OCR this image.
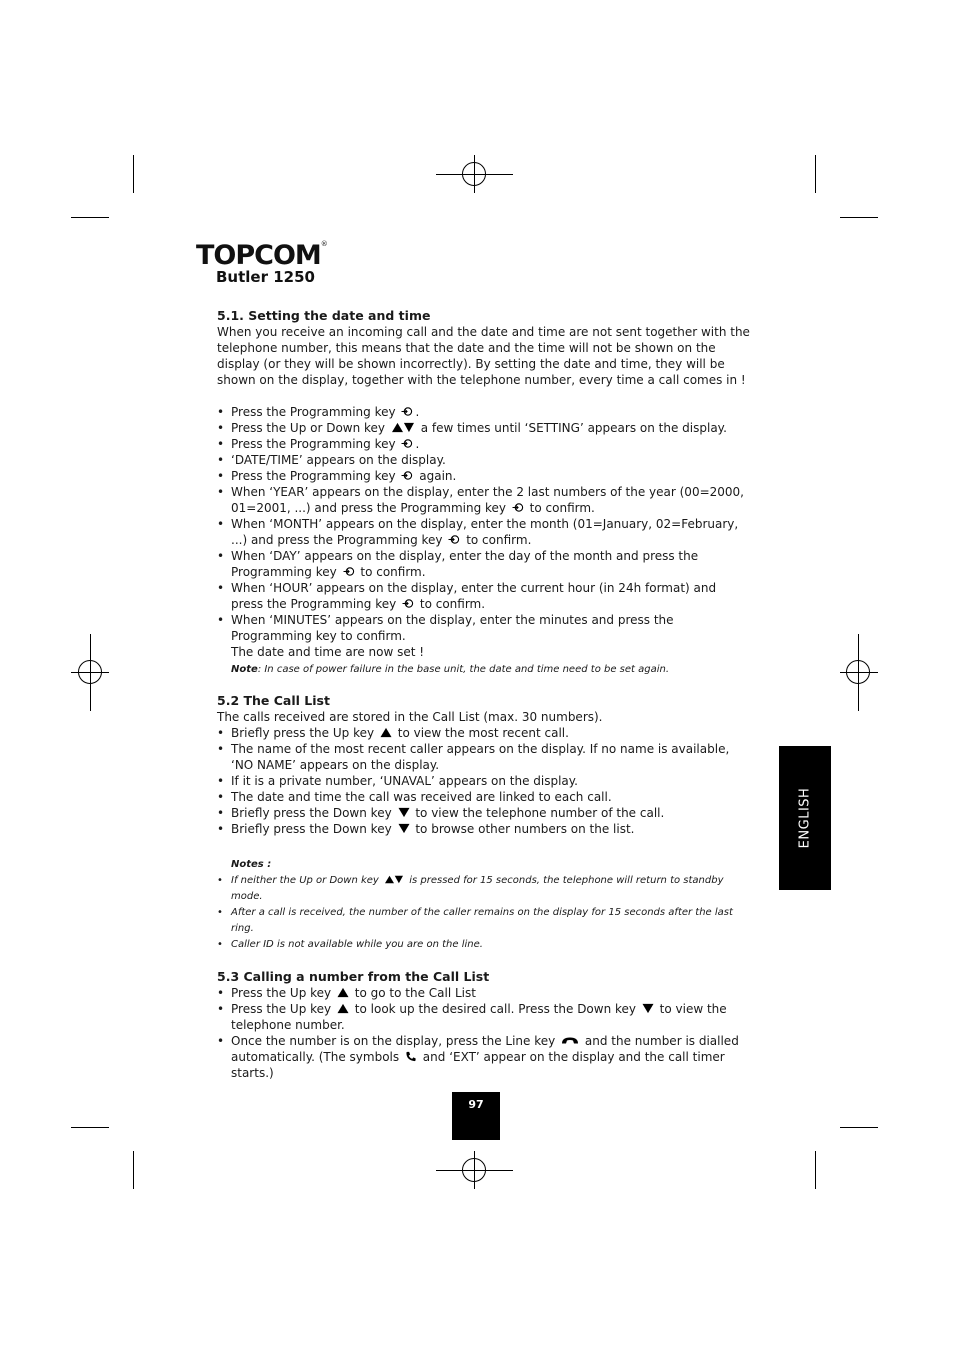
TOPCOM®
Butler 1250
5.1. Setting the date and time

When you receive an incoming call and the date and time are not sent together with the telephone number, this means that the date and the time will not be shown on the display (or they will be shown incorrectly). By setting the date and time, they will be shown on the display, together with the telephone number, every time a call comes in !

• Press the Programming key .
• Press the Up or Down key	a few times until ‘SETTING’ appears on the display.
• Press the Programming key .
• ‘DATE/TIME’ appears on the display.
• Press the Programming key again.
• When ‘YEAR’ appears on the display, enter the 2 last numbers of the year (00=2000, 01=2001, ...) and press the Programming key to confirm.
• When ‘MONTH’ appears on the display, enter the month (01=January, 02=February, ...) and press the Programming key to confirm.
• When ‘DAY’ appears on the display, enter the day of the month and press the Programming key to confirm.
• When ‘HOUR’ appears on the display, enter the current hour (in 24h format) and press the Programming key to confirm.
• When ‘MINUTES’ appears on the display, enter the minutes and press the Programming key to confirm.

The date and time are now set !

Note: In case of power failure in the base unit, the date and time need to be set again.

5.2 The Call List

The calls received are stored in the Call List (max. 30 numbers).

• Briefly press the Up key to view the most recent call.
• The name of the most recent caller appears on the display. If no name is available, ‘NO NAME’ appears on the display.
• If it is a private number, ‘UNAVAL’ appears on the display.
• The date and time the call was received are linked to each call.
• Briefly press the Down key to view the telephone number of the call.
• Briefly press the Down key to browse other numbers on the list.

Notes :

• If neither the Up or Down key	is pressed for 15 seconds, the telephone will return to standby mode.
• After a call is received, the number of the caller remains on the display for 15 seconds after the last ring.
• Caller ID is not available while you are on the line.
5.3 Calling a number from the Call List
• Press the Up key to go to the Call List
• Press the Up key to look up the desired call. Press the Down key to view the telephone number.
• Once the number is on the display, press the Line key and the number is dialled automatically. (The symbols and ‘EXT’ appear on the display and the call timer starts.)
ENGLISH
97
